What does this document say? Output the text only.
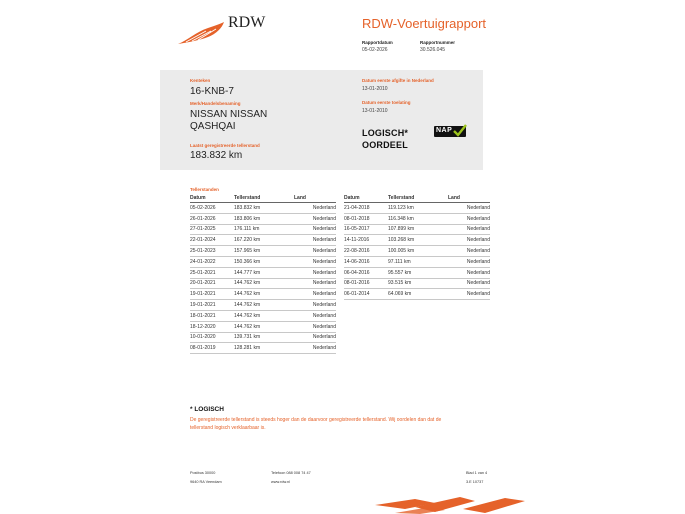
RDW	RDW-Voertuigrapport
Rapportdatum
05-02-2026
Rapportnummer
30.526.045
Kenteken
16-KNB-7
Merk/Handelsbenaming
NISSAN NISSAN
QASHQAI
Laatst geregistreerde tellerstand
183.832 km
Datum eerste afgifte in Nederland
13-01-2010
Datum eerste toelating
13-01-2010
LOGISCH*
OORDEEL
NAP
Tellerstanden
Datum	Tellerstand	Land
05-02-2026	183.832 km	Nederland
26-01-2026	183.806 km	Nederland
27-01-2025	176.111 km	Nederland
22-01-2024	167.220 km	Nederland
25-01-2023	157.965 km	Nederland
24-01-2022	150.366 km	Nederland
25-01-2021	144.777 km	Nederland
20-01-2021	144.762 km	Nederland
19-01-2021	144.762 km	Nederland
19-01-2021	144.762 km	Nederland
18-01-2021	144.762 km	Nederland
18-12-2020	144.762 km	Nederland
10-01-2020	139.731 km	Nederland
08-01-2019	128.281 km	Nederland
Datum	Tellerstand	Land
21-04-2018	119.123 km	Nederland
08-01-2018	116.348 km	Nederland
16-05-2017	107.899 km	Nederland
14-11-2016	103.268 km	Nederland
22-08-2016	100.005 km	Nederland
14-06-2016	97.111 km	Nederland
06-04-2016	95.557 km	Nederland
08-01-2016	93.515 km	Nederland
06-01-2014	64.069 km	Nederland
* LOGISCH
De geregistreerde tellerstand is steeds hoger dan de daarvoor geregistreerde tellerstand. Wij oordelen dan dat de
tellerstand logisch verklaarbaar is.
Postbus 30000
9640 RA Veendam
Telefoon 088 008 74 47
www.rdw.nl
Blad 1 van 4
3.E 10737
